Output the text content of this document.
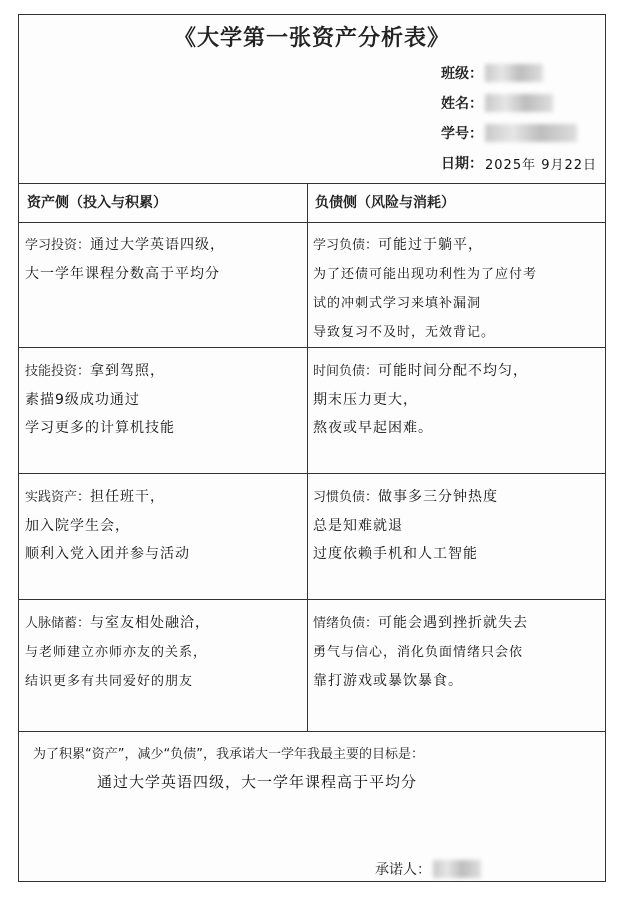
《大学第一张资产分析表》
班级：
姓名：
学号：
日期： 2025年 9月22日
资产侧（投入与积累）	负债侧（风险与消耗）
学习投资：通过大学英语四级，
大一学年课程分数高于平均分
学习负债：可能过于躺平，
为了还债可能出现功利性为了应付考
试的冲刺式学习来填补漏洞
导致复习不及时，无效背记。
技能投资：拿到驾照，
素描9级成功通过
学习更多的计算机技能
时间负债：可能时间分配不均匀，
期末压力更大，
熬夜或早起困难。
实践资产：担任班干，
加入院学生会，
顺利入党入团并参与活动
习惯负债：做事多三分钟热度
总是知难就退
过度依赖手机和人工智能
人脉储蓄：与室友相处融洽，
与老师建立亦师亦友的关系，
结识更多有共同爱好的朋友
情绪负债：可能会遇到挫折就失去
勇气与信心，消化负面情绪只会依
靠打游戏或暴饮暴食。
为了积累“资产”，减少“负债”，我承诺大一学年我最主要的目标是：
通过大学英语四级，大一学年课程高于平均分
承诺人：
